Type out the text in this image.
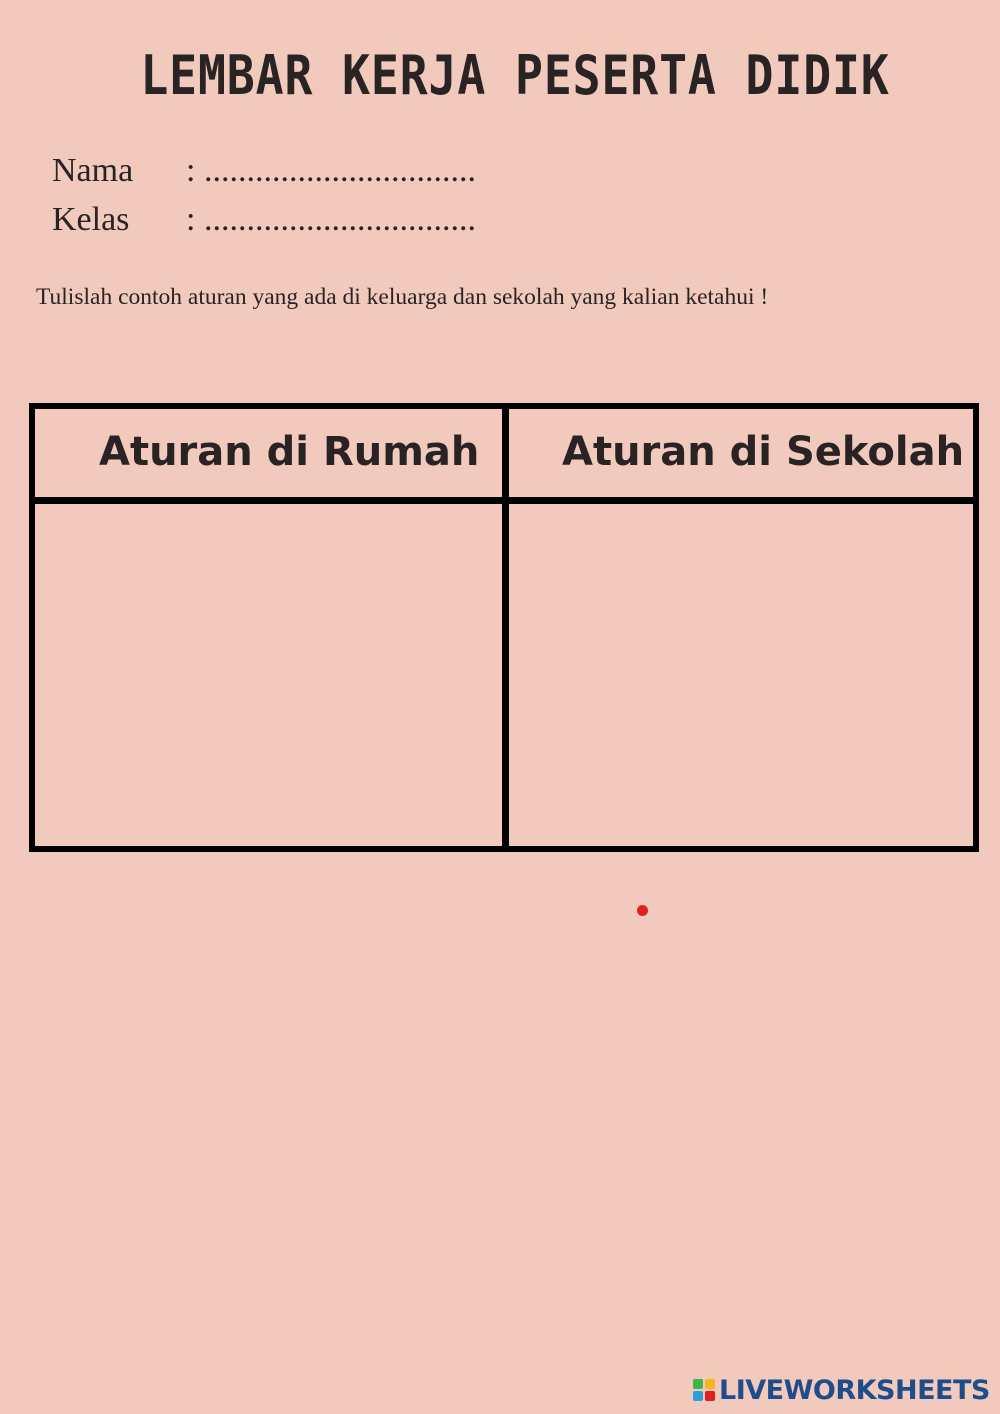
LEMBAR KERJA PESERTA DIDIK
Nama : ................................
Kelas : ................................
Tulislah contoh aturan yang ada di keluarga dan sekolah yang kalian ketahui !
Aturan di Rumah Aturan di Sekolah
LIVEWORKSHEETS
